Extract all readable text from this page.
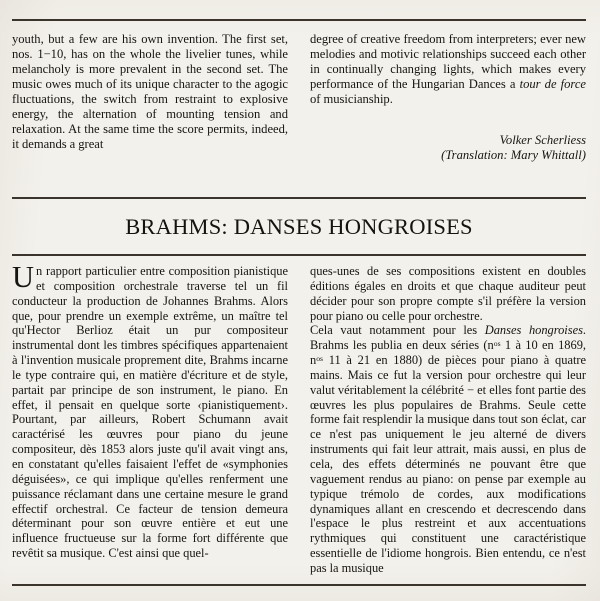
youth, but a few are his own invention. The first set, nos. 1−10, has on the whole the livelier tunes, while melancholy is more prevalent in the second set. The music owes much of its unique character to the agogic fluctuations, the switch from restraint to explosive energy, the alternation of mounting tension and relaxation. At the same time the score permits, indeed, it demands a great

degree of creative freedom from interpreters; ever new melodies and motivic relationships succeed each other in continually changing lights, which makes every performance of the Hungarian Dances a tour de force of musicianship.

Volker Scherliess

(Translation: Mary Whittall)

BRAHMS: DANSES HONGROISES

Un rapport particulier entre composition pianistique et composition orchestrale traverse tel un fil conducteur la production de Johannes Brahms. Alors que, pour prendre un exemple extrême, un maître tel qu'Hector Berlioz était un pur compositeur instrumental dont les timbres spécifiques appartenaient à l'invention musicale proprement dite, Brahms incarne le type contraire qui, en matière d'écriture et de style, partait par principe de son instrument, le piano. En effet, il pensait en quelque sorte ‹pianistiquement›. Pourtant, par ailleurs, Robert Schumann avait caractérisé les œuvres pour piano du jeune compositeur, dès 1853 alors juste qu'il avait vingt ans, en constatant qu'elles faisaient l'effet de «symphonies déguisées», ce qui implique qu'elles renferment une puissance réclamant dans une certaine mesure le grand effectif orchestral. Ce facteur de tension demeura déterminant pour son œuvre entière et eut une influence fructueuse sur la forme fort différente que revêtit sa musique. C'est ainsi que quel-

ques-unes de ses compositions existent en doubles éditions égales en droits et que chaque auditeur peut décider pour son propre compte s'il préfère la version pour piano ou celle pour orchestre.

Cela vaut notamment pour les Danses hongroises. Brahms les publia en deux séries ($n^{os}$ 1 à 10 en 1869, $n^{os}$ 11 à 21 en 1880) de pièces pour piano à quatre mains. Mais ce fut la version pour orchestre qui leur valut véritablement la célébrité − et elles font partie des œuvres les plus populaires de Brahms. Seule cette forme fait resplendir la musique dans tout son éclat, car ce n'est pas uniquement le jeu alterné de divers instruments qui fait leur attrait, mais aussi, en plus de cela, des effets déterminés ne pouvant être que vaguement rendus au piano: on pense par exemple au typique trémolo de cordes, aux modifications dynamiques allant en crescendo et decrescendo dans l'espace le plus restreint et aux accentuations rythmiques qui constituent une caractéristique essentielle de l'idiome hongrois. Bien entendu, ce n'est pas la musique
